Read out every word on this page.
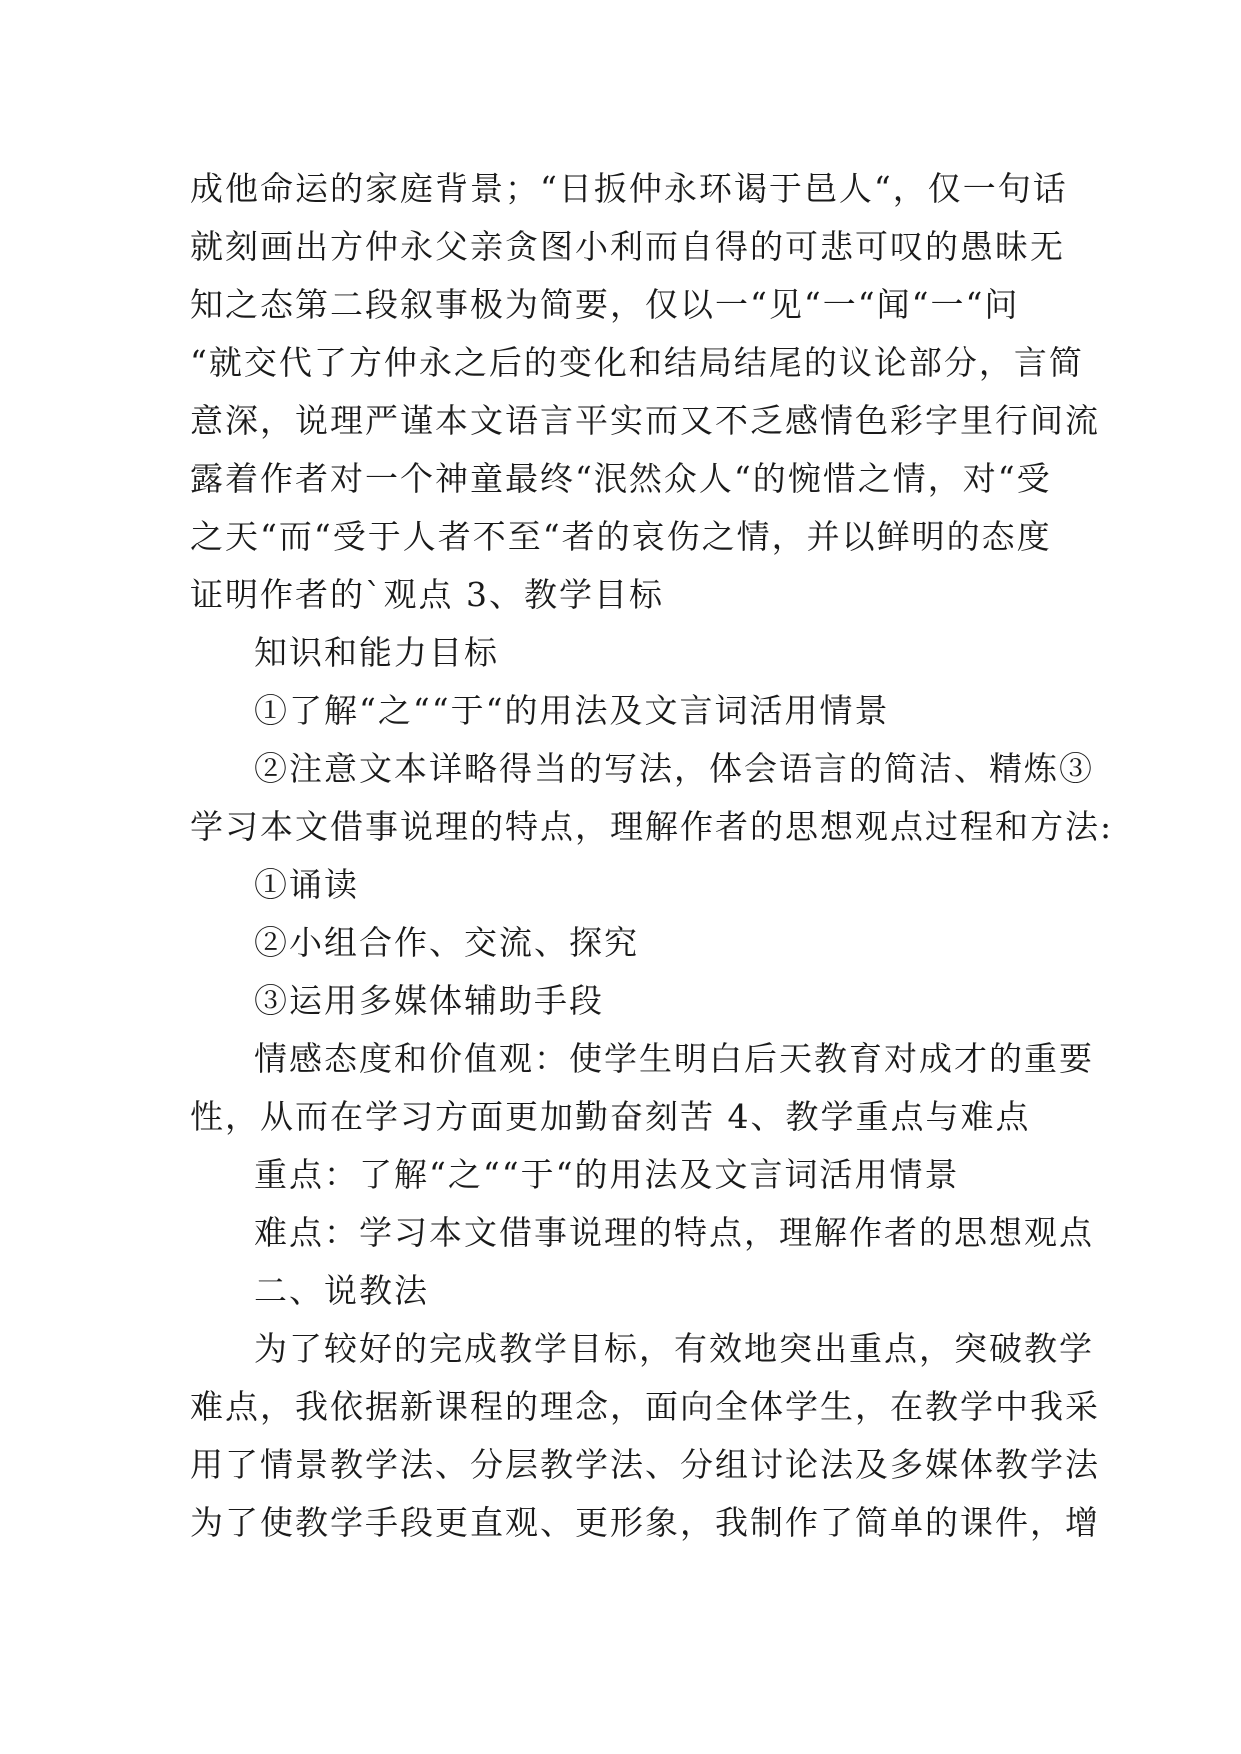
成他命运的家庭背景；“日扳仲永环谒于邑人“，仅一句话

就刻画出方仲永父亲贪图小利而自得的可悲可叹的愚昧无

知之态第二段叙事极为简要，仅以一“见“一“闻“一“问

“就交代了方仲永之后的变化和结局结尾的议论部分，言简

意深，说理严谨本文语言平实而又不乏感情色彩字里行间流

露着作者对一个神童最终“泯然众人“的惋惜之情，对“受

之天“而“受于人者不至“者的哀伤之情，并以鲜明的态度

证明作者的`观点 3、教学目标

知识和能力目标

①了解“之““于“的用法及文言词活用情景

②注意文本详略得当的写法，体会语言的简洁、精炼③

学习本文借事说理的特点，理解作者的思想观点过程和方法:

①诵读

②小组合作、交流、探究

③运用多媒体辅助手段

情感态度和价值观：使学生明白后天教育对成才的重要

性，从而在学习方面更加勤奋刻苦 4、教学重点与难点

重点：了解“之““于“的用法及文言词活用情景

难点：学习本文借事说理的特点，理解作者的思想观点

二、说教法

为了较好的完成教学目标，有效地突出重点，突破教学

难点，我依据新课程的理念，面向全体学生，在教学中我采

用了情景教学法、分层教学法、分组讨论法及多媒体教学法

为了使教学手段更直观、更形象，我制作了简单的课件，增
